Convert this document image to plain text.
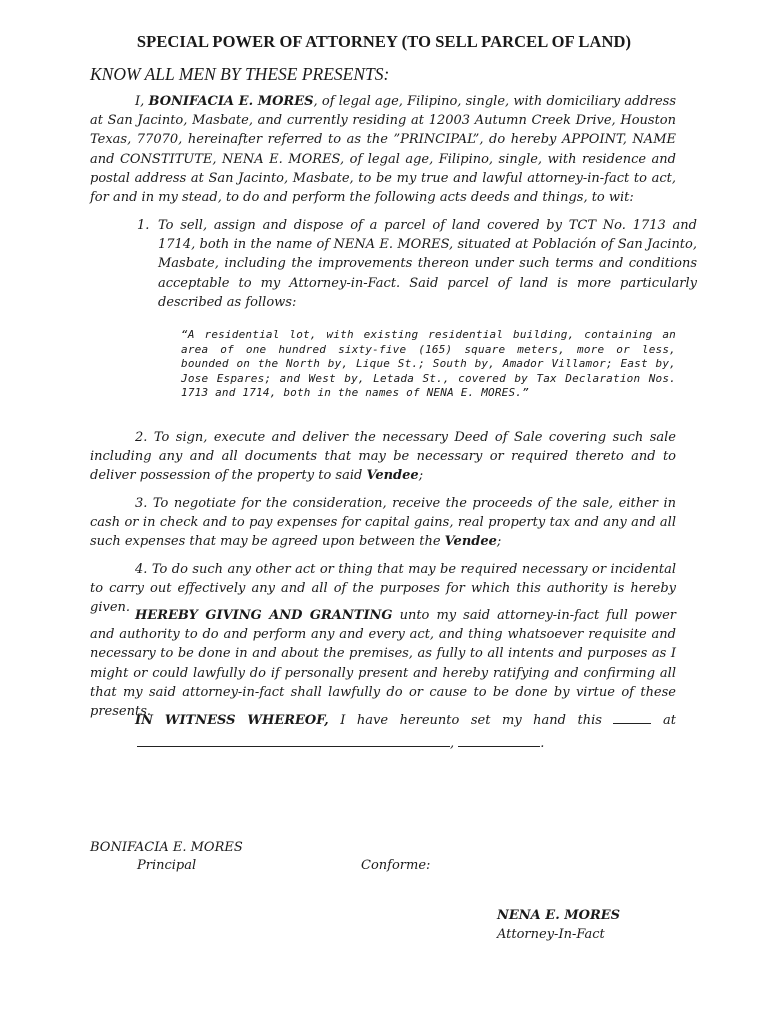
SPECIAL POWER OF ATTORNEY (TO SELL PARCEL OF LAND)
KNOW ALL MEN BY THESE PRESENTS:

I, BONIFACIA E. MORES, of legal age, Filipino, single, with domiciliary address at San Jacinto, Masbate, and currently residing at 12003 Autumn Creek Drive, Houston Texas, 77070, hereinafter referred to as the ”PRINCIPAL”, do hereby APPOINT, NAME and CONSTITUTE, NENA E. MORES, of legal age, Filipino, single, with residence and postal address at San Jacinto, Masbate, to be my true and lawful attorney-in-fact to act, for and in my stead, to do and perform the following acts deeds and things, to wit:

1. To sell, assign and dispose of a parcel of land covered by TCT No. 1713 and 1714, both in the name of NENA E. MORES, situated at Población of San Jacinto, Masbate, including the improvements thereon under such terms and conditions acceptable to my Attorney-in-Fact. Said parcel of land is more particularly described as follows:

“A residential lot, with existing residential building, containing an area of one hundred sixty-five (165) square meters, more or less, bounded on the North by, Lique St.; South by, Amador Villamor; East by, Jose Espares; and West by, Letada St., covered by Tax Declaration Nos. 1713 and 1714, both in the names of NENA E. MORES.”

2. To sign, execute and deliver the necessary Deed of Sale covering such sale including any and all documents that may be necessary or required thereto and to deliver possession of the property to said Vendee;

3. To negotiate for the consideration, receive the proceeds of the sale, either in cash or in check and to pay expenses for capital gains, real property tax and any and all such expenses that may be agreed upon between the Vendee;

4. To do such any other act or thing that may be required necessary or incidental to carry out effectively any and all of the purposes for which this authority is hereby given.

HEREBY GIVING AND GRANTING unto my said attorney-in-fact full power and authority to do and perform any and every act, and thing whatsoever requisite and necessary to be done in and about the premises, as fully to all intents and purposes as I might or could lawfully do if personally present and hereby ratifying and confirming all that my said attorney-in-fact shall lawfully do or cause to be done by virtue of these presents.

IN WITNESS WHEREOF, I have hereunto set my hand this	at

,	.
BONIFACIA E. MORES
Principal	Conforme:
NENA E. MORES
Attorney-In-Fact
